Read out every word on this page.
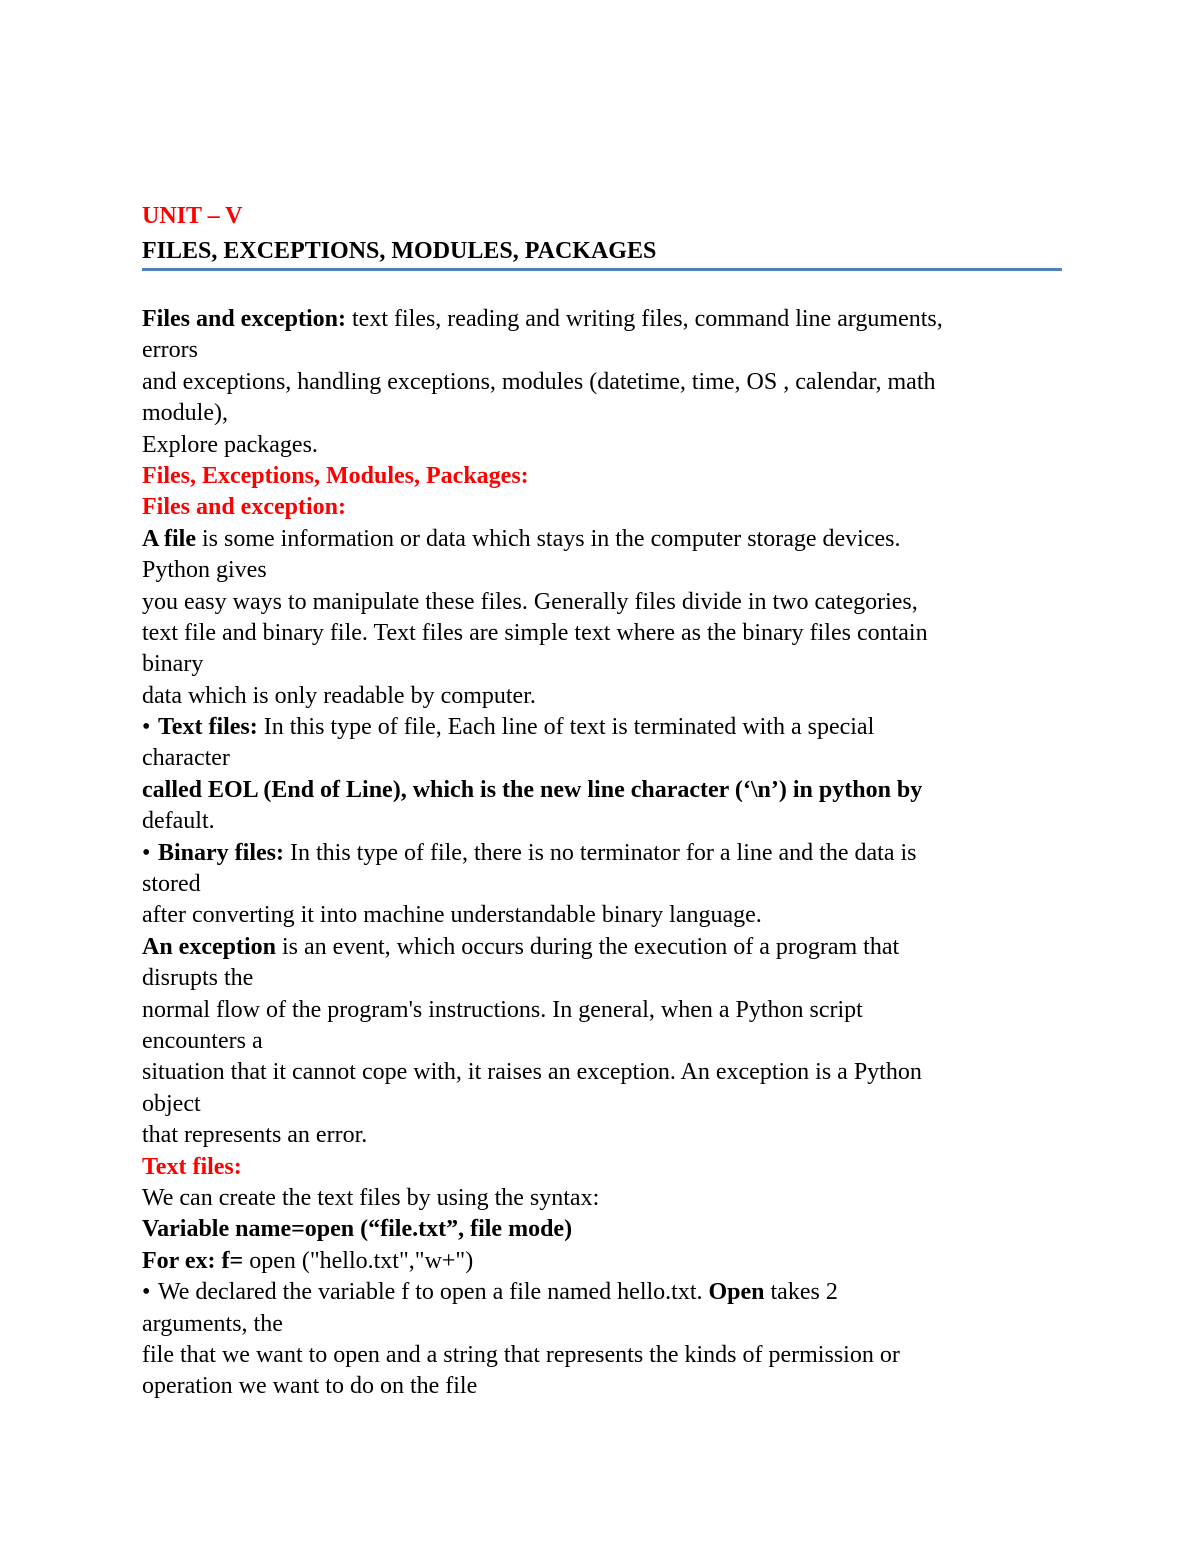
UNIT – V
FILES, EXCEPTIONS, MODULES, PACKAGES
Files and exception: text files, reading and writing files, command line arguments,
errors
and exceptions, handling exceptions, modules (datetime, time, OS , calendar, math
module),
Explore packages.
Files, Exceptions, Modules, Packages:
Files and exception:
A file is some information or data which stays in the computer storage devices.
Python gives
you easy ways to manipulate these files. Generally files divide in two categories,
text file and binary file. Text files are simple text where as the binary files contain
binary
data which is only readable by computer.
• Text files: In this type of file, Each line of text is terminated with a special
character
called EOL (End of Line), which is the new line character (‘\n’) in python by
default.
• Binary files: In this type of file, there is no terminator for a line and the data is
stored
after converting it into machine understandable binary language.
An exception is an event, which occurs during the execution of a program that
disrupts the
normal flow of the program's instructions. In general, when a Python script
encounters a
situation that it cannot cope with, it raises an exception. An exception is a Python
object
that represents an error.
Text files:
We can create the text files by using the syntax:
Variable name=open (“file.txt”, file mode)
For ex: f= open ("hello.txt","w+")
• We declared the variable f to open a file named hello.txt. Open takes 2
arguments, the
file that we want to open and a string that represents the kinds of permission or
operation we want to do on the file
